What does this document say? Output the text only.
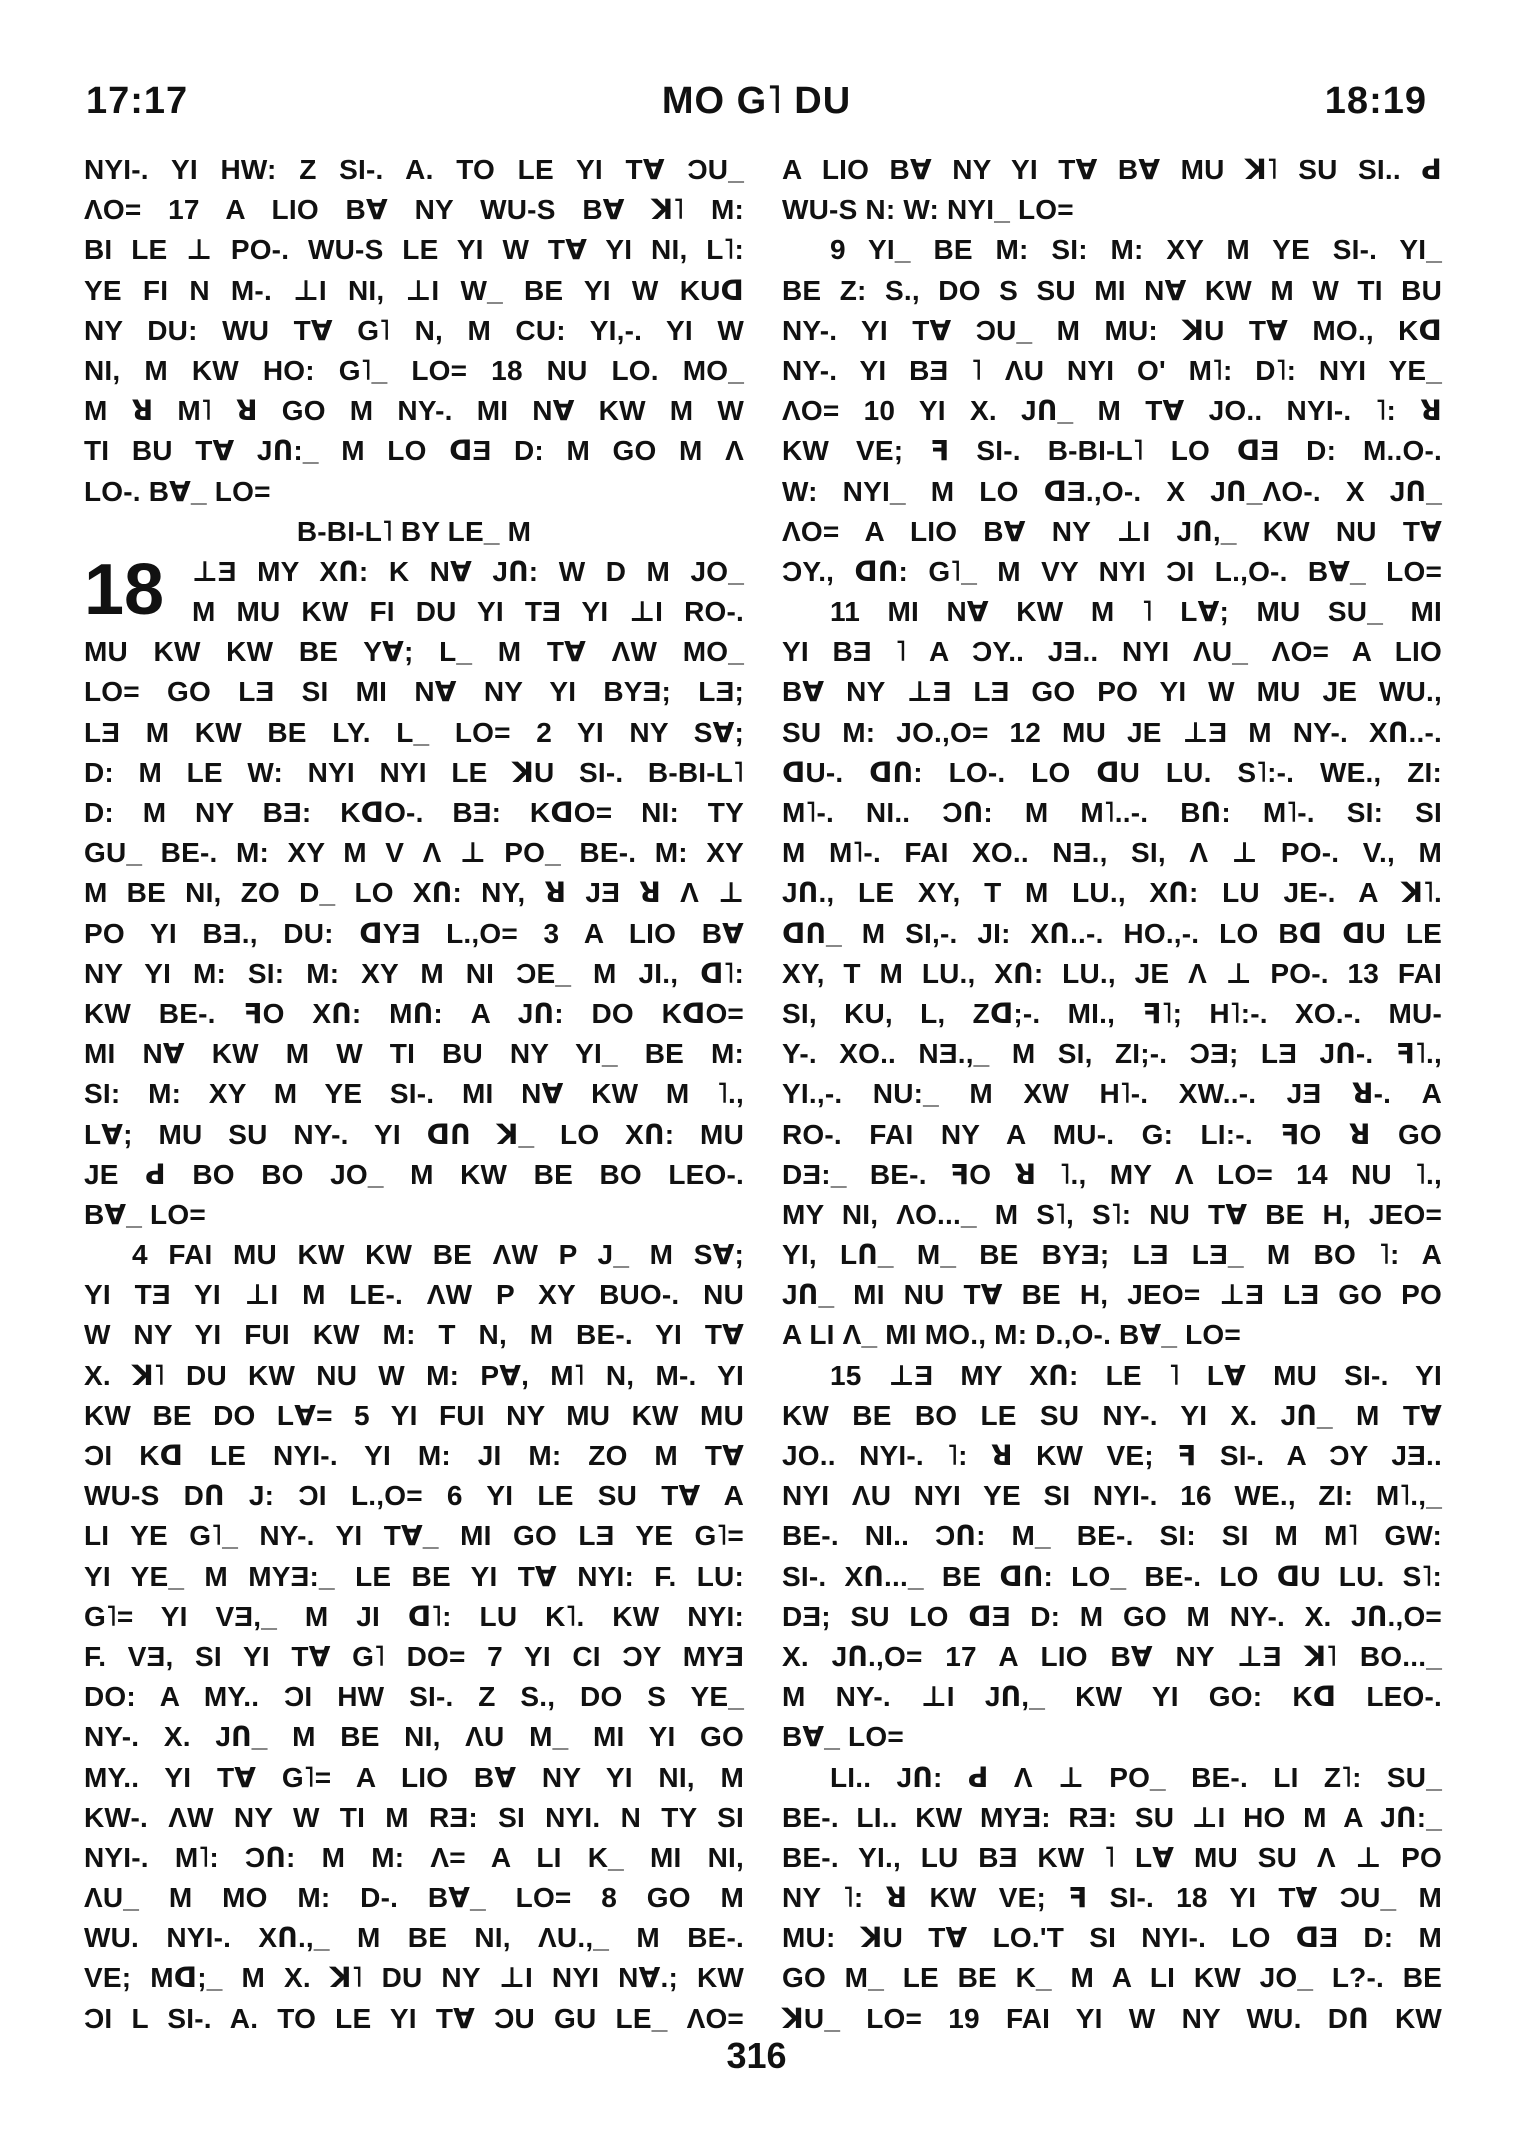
17:17	MO G˥ DU	18:19
18
NYI-. YI HW: Z SI-. A. TO LE YI TⱯ ƆU_
ɅO= 17 A LIO BⱯ NY WU-S BⱯ ꓘ˥ M:
BI LE ⊥ PO-. WU-S LE YI W TⱯ YI NI, L˥:
YE FI N M-. ⊥I NI, ⊥I W_ BE YI W KUꓷ
NY DU: WU TⱯ G˥ N, M CU: YI,-. YI W
NI, M KW HO: G˥_ LO= 18 NU LO. MO_
M ꓤ M˥ ꓤ GO M NY-. MI NⱯ KW M W
TI BU TⱯ JՈ:_ M LO ꓷƎ D: M GO M Ʌ
LO-. BⱯ_ LO=
B-BI-L˥ BY LE_ M
⊥Ǝ MY XՈ: K NⱯ JՈ: W D M JO_
M MU KW FI DU YI TƎ YI ⊥I RO-.
MU KW KW BE YⱯ; L_ M TⱯ ɅW MO_
LO= GO LƎ SI MI NⱯ NY YI BYƎ; LƎ;
LƎ M KW BE LY. L_ LO= 2 YI NY SⱯ;
D: M LE W: NYI NYI LE ꓘU SI-. B-BI-L˥
D: M NY BƎ: KꓷO-. BƎ: KꓷO= NI: TY
GU_ BE-. M: XY M V Ʌ ⊥ PO_ BE-. M: XY
M BE NI, ZO D_ LO XՈ: NY, ꓤ JƎ ꓤ Ʌ ⊥
PO YI BƎ., DU: ꓷYƎ L.,O= 3 A LIO BⱯ
NY YI M: SI: M: XY M NI ƆE_ M JI., ꓷ˥:
KW BE-. ꟻO XՈ: MՈ: A JՈ: DO KꓷO=
MI NⱯ KW M W TI BU NY YI_ BE M:
SI: M: XY M YE SI-. MI NⱯ KW M ˥.,
LⱯ; MU SU NY-. YI ꓷՈ ꓘ_ LO XՈ: MU
JE ꓒ BO BO JO_ M KW BE BO LEO-.
BⱯ_ LO=
4 FAI MU KW KW BE ɅW P J_ M SⱯ;
YI TƎ YI ⊥I M LE-. ɅW P XY BUO-. NU
W NY YI FUI KW M: T N, M BE-. YI TⱯ
X. ꓘ˥ DU KW NU W M: PⱯ, M˥ N, M-. YI
KW BE DO LⱯ= 5 YI FUI NY MU KW MU
ƆI Kꓷ LE NYI-. YI M: JI M: ZO M TⱯ
WU-S DՈ J: ƆI L.,O= 6 YI LE SU TⱯ A
LI YE G˥_ NY-. YI TⱯ_ MI GO LƎ YE G˥=
YI YE_ M MYƎ:_ LE BE YI TⱯ NYI: F. LU:
G˥= YI VƎ,_ M JI ꓷ˥: LU K˥. KW NYI:
F. VƎ, SI YI TⱯ G˥ DO= 7 YI CI ƆY MYƎ
DO: A MY.. ƆI HW SI-. Z S., DO S YE_
NY-. X. JՈ_ M BE NI, ɅU M_ MI YI GO
MY.. YI TⱯ G˥= A LIO BⱯ NY YI NI, M
KW-. ɅW NY W TI M RƎ: SI NYI. N TY SI
NYI-. M˥: ƆՈ: M M: Ʌ= A LI K_ MI NI,
ɅU_ M MO M: D-. BⱯ_ LO= 8 GO M
WU. NYI-. XՈ.,_ M BE NI, ɅU.,_ M BE-.
VE; Mꓷ;_ M X. ꓘ˥ DU NY ⊥I NYI NⱯ.; KW
ƆI L SI-. A. TO LE YI TⱯ ƆU GU LE_ ɅO=
A LIO BⱯ NY YI TⱯ BⱯ MU ꓘ˥ SU SI.. ꓒ
WU-S N: W: NYI_ LO=
9 YI_ BE M: SI: M: XY M YE SI-. YI_
BE Z: S., DO S SU MI NⱯ KW M W TI BU
NY-. YI TⱯ ƆU_ M MU: ꓘU TⱯ MO., Kꓷ
NY-. YI BƎ ˥ ɅU NYI Oʹ M˥: D˥: NYI YE_
ɅO= 10 YI X. JՈ_ M TⱯ JO.. NYI-. ˥: ꓤ
KW VE; ꟻ SI-. B-BI-L˥ LO ꓷƎ D: M..O-.
W: NYI_ M LO ꓷƎ.,O-. X JՈ_ɅO-. X JՈ_
ɅO= A LIO BⱯ NY ⊥I JՈ,_ KW NU TⱯ
ƆY., ꓷՈ: G˥_ M VY NYI ƆI L.,O-. BⱯ_ LO=
11 MI NⱯ KW M ˥ LⱯ; MU SU_ MI
YI BƎ ˥ A ƆY.. JƎ.. NYI ɅU_ ɅO= A LIO
BⱯ NY ⊥Ǝ LƎ GO PO YI W MU JE WU.,
SU M: JO.,O= 12 MU JE ⊥Ǝ M NY-. XՈ..-.
ꓷU-. ꓷՈ: LO-. LO ꓷU LU. S˥:-. WE., ZI:
M˥-. NI.. ƆՈ: M M˥..-. BՈ: M˥-. SI: SI
M M˥-. FAI XO.. NƎ., SI, Ʌ ⊥ PO-. V., M
JՈ., LE XY, T M LU., XՈ: LU JE-. A ꓘ˥.
ꓷՈ_ M SI,-. JI: XՈ..-. HO.,-. LO Bꓷ ꓷU LE
XY, T M LU., XՈ: LU., JE Ʌ ⊥ PO-. 13 FAI
SI, KU, L, Zꓷ;-. MI., ꟻ˥; H˥:-. XO.-. MU-
Y-. XO.. NƎ.,_ M SI, ZI;-. ƆƎ; LƎ JՈ-. ꟻ˥.,
YI.,-. NU:_ M XW H˥-. XW..-. JƎ ꓤ-. A
RO-. FAI NY A MU-. G: LI:-. ꟻO ꓤ GO
DƎ:_ BE-. ꟻO ꓤ ˥., MY Ʌ LO= 14 NU ˥.,
MY NI, ɅO..._ M S˥, S˥: NU TⱯ BE H, JEO=
YI, LՈ_ M_ BE BYƎ; LƎ LƎ_ M BO ˥: A
JՈ_ MI NU TⱯ BE H, JEO= ⊥Ǝ LƎ GO PO
A LI Ʌ_ MI MO., M: D.,O-. BⱯ_ LO=
15 ⊥Ǝ MY XՈ: LE ˥ LⱯ MU SI-. YI
KW BE BO LE SU NY-. YI X. JՈ_ M TⱯ
JO.. NYI-. ˥: ꓤ KW VE; ꟻ SI-. A ƆY JƎ..
NYI ɅU NYI YE SI NYI-. 16 WE., ZI: M˥.,_
BE-. NI.. ƆՈ: M_ BE-. SI: SI M M˥ GW:
SI-. XՈ..._ BE ꓷՈ: LO_ BE-. LO ꓷU LU. S˥:
DƎ; SU LO ꓷƎ D: M GO M NY-. X. JՈ.,O=
X. JՈ.,O= 17 A LIO BⱯ NY ⊥Ǝ ꓘ˥ BO..._
M NY-. ⊥I JՈ,_ KW YI GO: Kꓷ LEO-.
BⱯ_ LO=
LI.. JՈ: ꓒ Ʌ ⊥ PO_ BE-. LI Z˥: SU_
BE-. LI.. KW MYƎ: RƎ: SU ⊥I HO M A JՈ:_
BE-. YI., LU BƎ KW ˥ LⱯ MU SU Ʌ ⊥ PO
NY ˥: ꓤ KW VE; ꟻ SI-. 18 YI TⱯ ƆU_ M
MU: ꓘU TⱯ LO.ʹT SI NYI-. LO ꓷƎ D: M
GO M_ LE BE K_ M A LI KW JO_ L?-. BE
ꓘU_ LO= 19 FAI YI W NY WU. DՈ KW
316
